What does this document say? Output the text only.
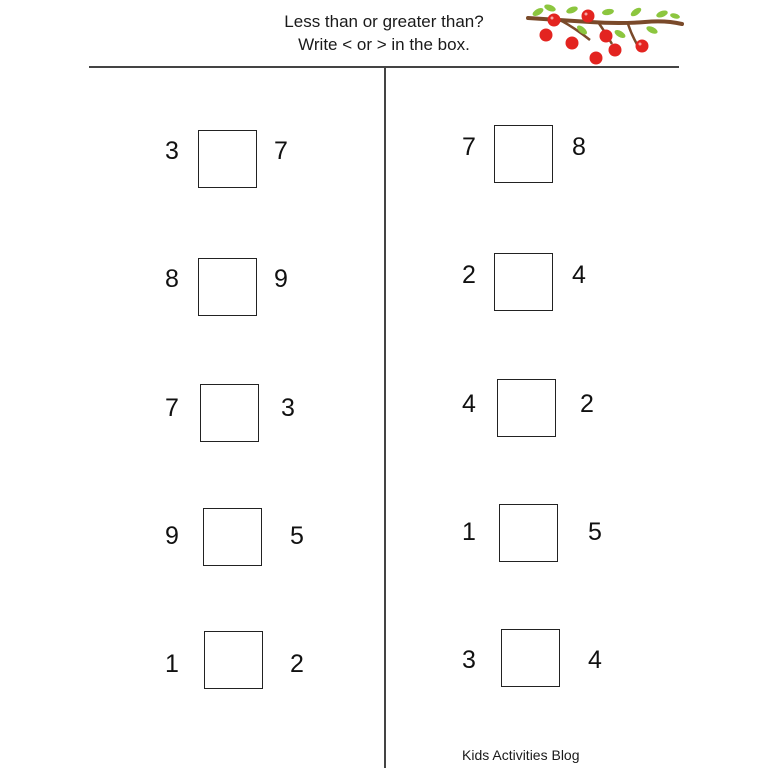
Less than or greater than?
Write < or > in the box.
3	7
8	9
7	3
9	5
1	2
7	8
2	4
4	2
1	5
3	4
Kids Activities Blog
